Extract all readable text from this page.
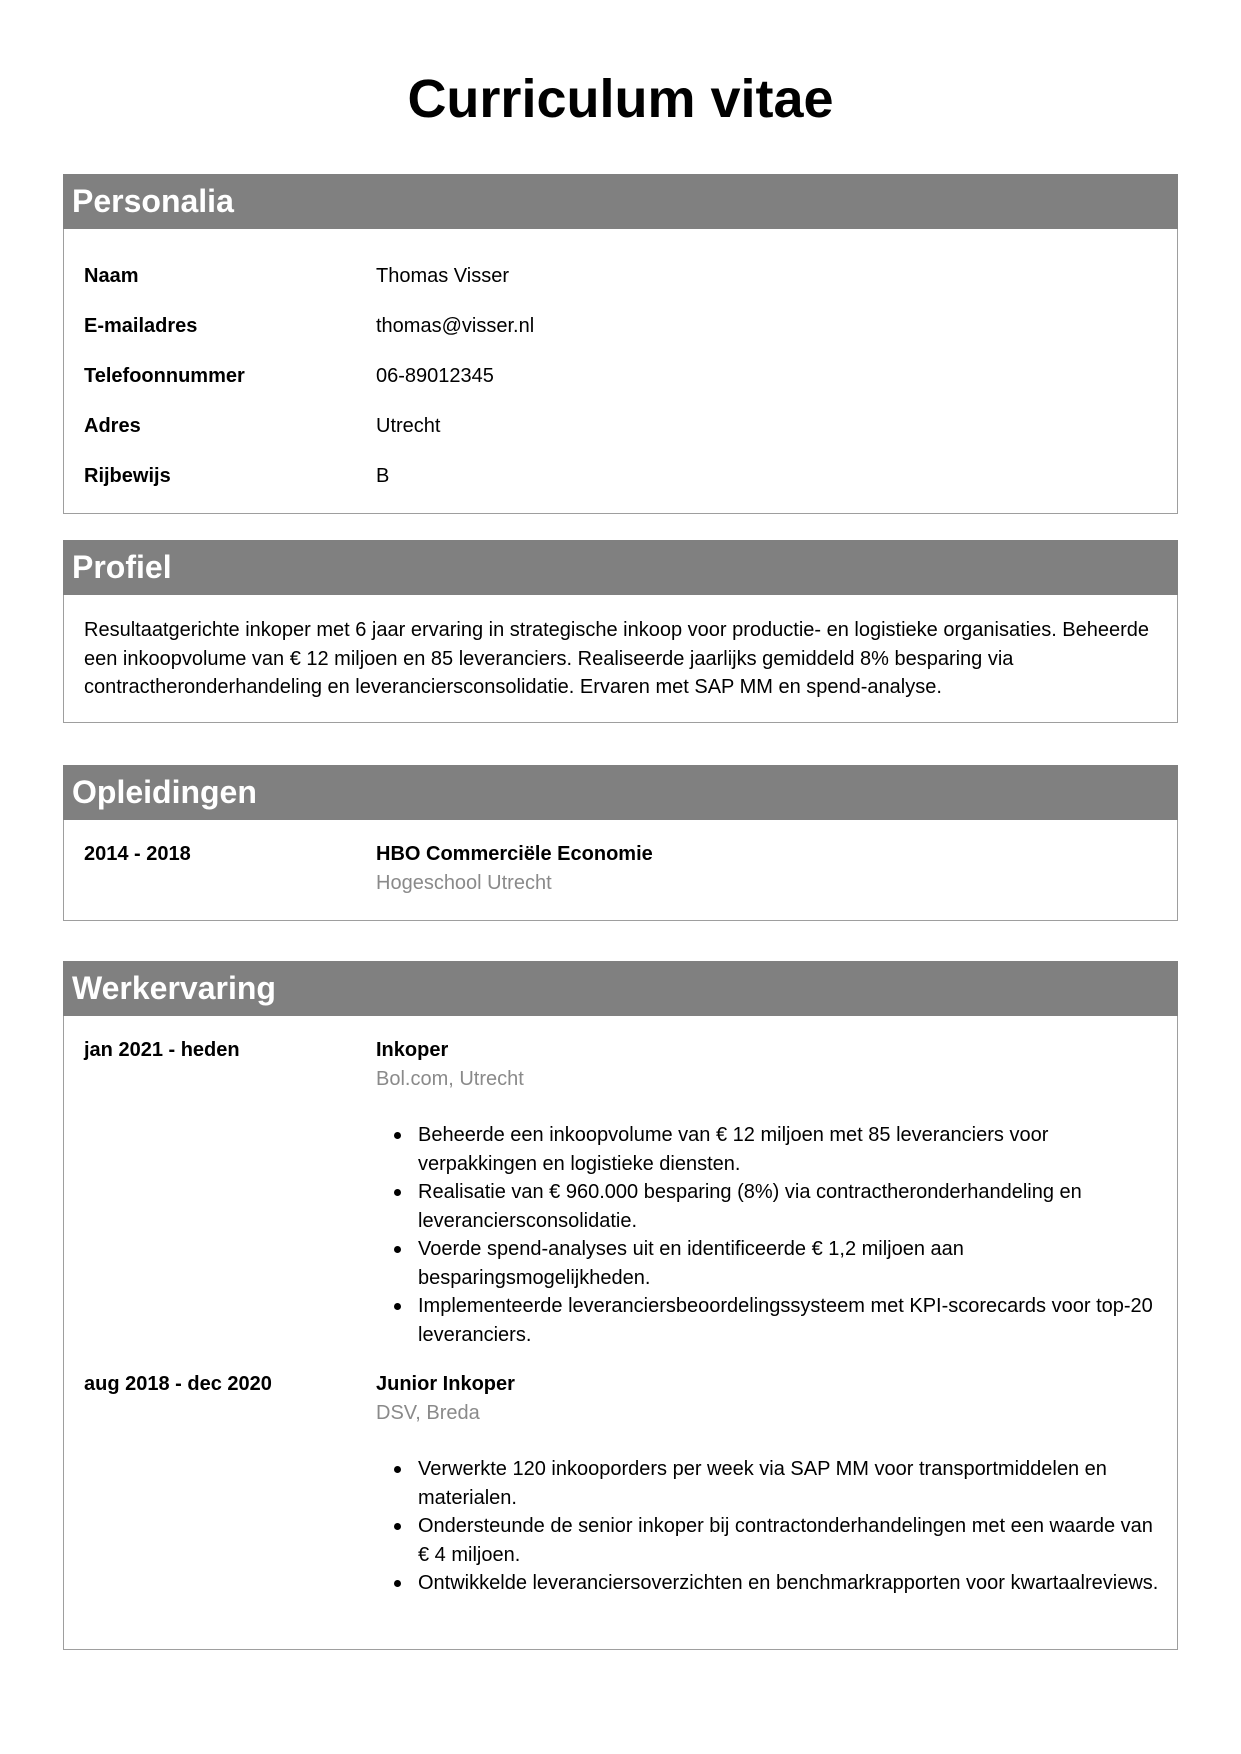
Curriculum vitae
Personalia
Naam	Thomas Visser
E-mailadres	thomas@visser.nl
Telefoonnummer	06-89012345
Adres	Utrecht
Rijbewijs	B
Profiel
Resultaatgerichte inkoper met 6 jaar ervaring in strategische inkoop voor productie- en logistieke organisaties. Beheerde een inkoopvolume van € 12 miljoen en 85 leveranciers. Realiseerde jaarlijks gemiddeld 8% besparing via contractheronderhandeling en leveranciersconsolidatie. Ervaren met SAP MM en spend-analyse.
Opleidingen
2014 - 2018	HBO Commerciële Economie
Hogeschool Utrecht
Werkervaring
jan 2021 - heden	Inkoper
Bol.com, Utrecht
Beheerde een inkoopvolume van € 12 miljoen met 85 leveranciers voor verpakkingen en logistieke diensten.
Realisatie van € 960.000 besparing (8%) via contractheronderhandeling en leveranciersconsolidatie.
Voerde spend-analyses uit en identificeerde € 1,2 miljoen aan besparingsmogelijkheden.
Implementeerde leveranciersbeoordelingssysteem met KPI-scorecards voor top-20 leveranciers.
aug 2018 - dec 2020	Junior Inkoper
DSV, Breda
Verwerkte 120 inkooporders per week via SAP MM voor transportmiddelen en materialen.
Ondersteunde de senior inkoper bij contractonderhandelingen met een waarde van € 4 miljoen.
Ontwikkelde leveranciersoverzichten en benchmarkrapporten voor kwartaalreviews.
